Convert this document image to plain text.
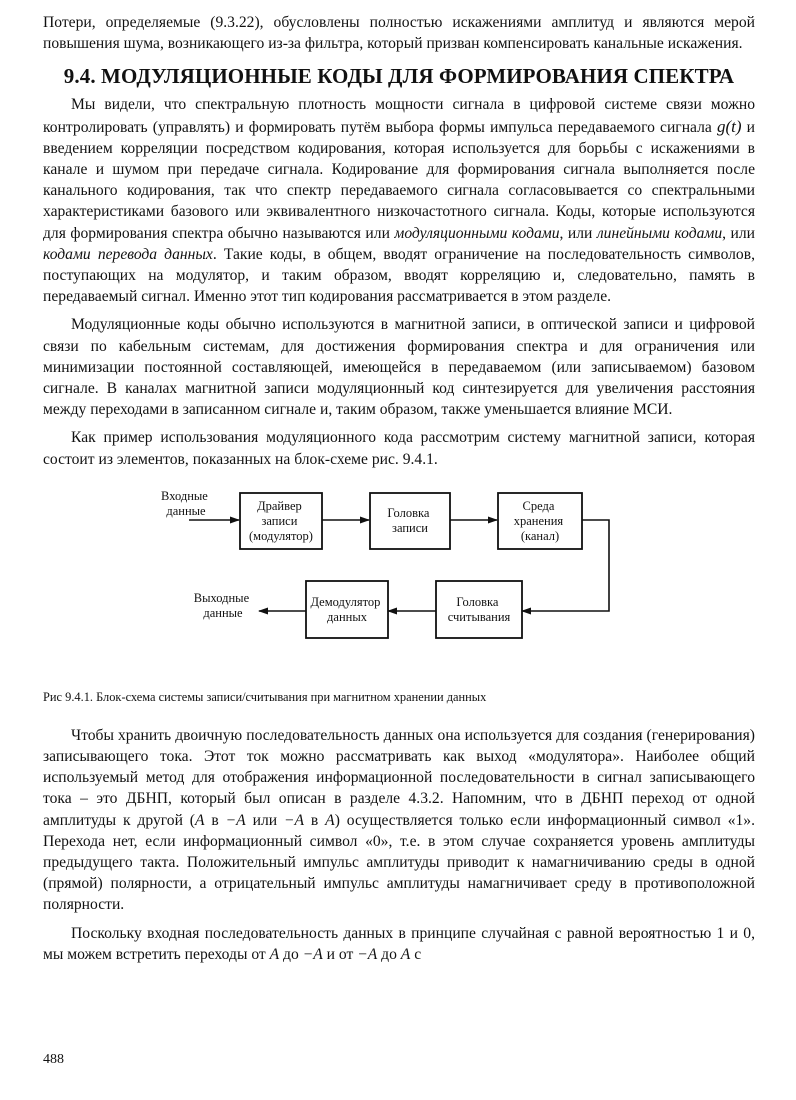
Потери, определяемые (9.3.22), обусловлены полностью искажениями амплитуд и являются мерой повышения шума, возникающего из-за фильтра, который призван компенсировать канальные искажения.

9.4. МОДУЛЯЦИОННЫЕ КОДЫ ДЛЯ ФОРМИРОВАНИЯ СПЕКТРА

Мы видели, что спектральную плотность мощности сигнала в цифровой системе связи можно контролировать (управлять) и формировать путём выбора формы импульса передаваемого сигнала g(t) и введением корреляции посредством кодирования, которая используется для борьбы с искажениями в канале и шумом при передаче сигнала. Кодирование для формирования сигнала выполняется после канального кодирования, так что спектр передаваемого сигнала согласовывается со спектральными характеристиками базового или эквивалентного низкочастотного сигнала. Коды, которые используются для формирования спектра обычно называются или модуляционными кодами, или линейными кодами, или кодами перевода данных. Такие коды, в общем, вводят ограничение на последовательность символов, поступающих на модулятор, и таким образом, вводят корреляцию и, следовательно, память в передаваемый сигнал. Именно этот тип кодирования рассматривается в этом разделе.

Модуляционные коды обычно используются в магнитной записи, в оптической записи и цифровой связи по кабельным системам, для достижения формирования спектра и для ограничения или минимизации постоянной составляющей, имеющейся в передаваемом (или записываемом) базовом сигнале. В каналах магнитной записи модуляционный код синтезируется для увеличения расстояния между переходами в записанном сигнале и, таким образом, также уменьшается влияние МСИ.

Как пример использования модуляционного кода рассмотрим систему магнитной записи, которая состоит из элементов, показанных на блок-схеме рис. 9.4.1.

Входные данные	Драйвер записи (модулятор)
Головка записи
Среда хранения (канал)
Головка считывания
Демодулятор данных
Выходные данные

Рис 9.4.1. Блок-схема системы записи/считывания при магнитном хранении данных

Чтобы хранить двоичную последовательность данных она используется для создания (генерирования) записывающего тока. Этот ток можно рассматривать как выход «модулятора». Наиболее общий используемый метод для отображения информационной последовательности в сигнал записывающего тока – это ДБНП, который был описан в разделе 4.3.2. Напомним, что в ДБНП переход от одной амплитуды к другой (A в −A или −A в A) осуществляется только если информационный символ «1». Перехода нет, если информационный символ «0», т.е. в этом случае сохраняется уровень амплитуды предыдущего такта. Положительный импульс амплитуды приводит к намагничиванию среды в одной (прямой) полярности, а отрицательный импульс амплитуды намагничивает среду в противоположной полярности.

Поскольку входная последовательность данных в принципе случайная с равной вероятностью 1 и 0, мы можем встретить переходы от A до −A и от −A до A с

488
